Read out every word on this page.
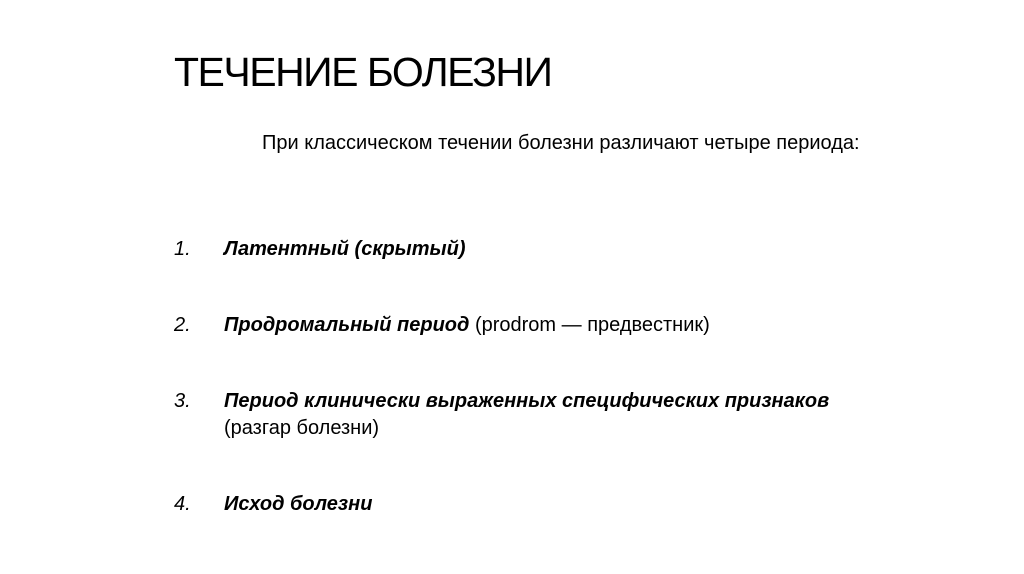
ТЕЧЕНИЕ БОЛЕЗНИ

При классическом течении болезни различают четыре периода:

1.	Латентный (скрытый)
2.	Продромальный период (prodrom — предвестник)
3.	Период клинически выраженных специфических признаков (разгар болезни)
4.	Исход болезни
